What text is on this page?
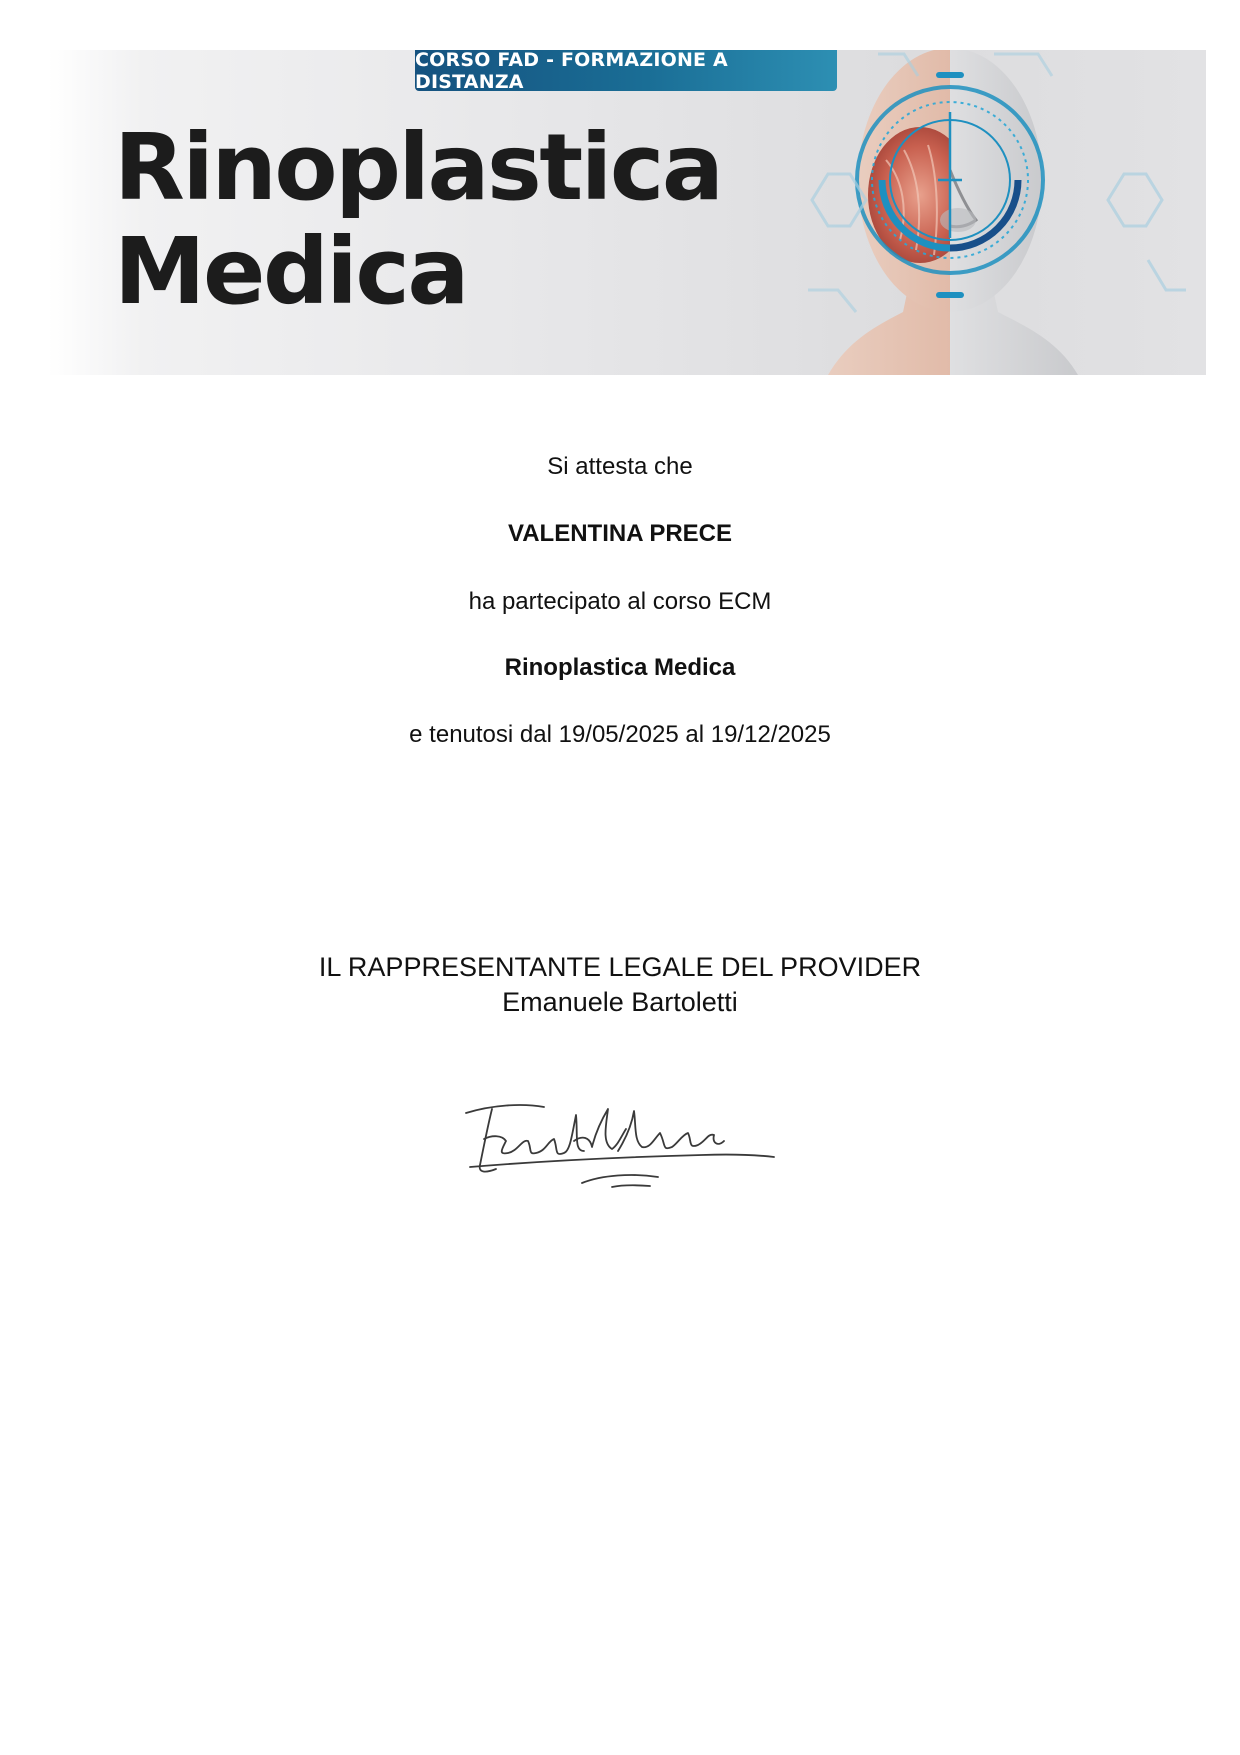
CORSO FAD - FORMAZIONE A DISTANZA
Rinoplastica
Medica
Si attesta che
VALENTINA PRECE
ha partecipato al corso ECM
Rinoplastica Medica
e tenutosi dal 19/05/2025 al 19/12/2025
IL RAPPRESENTANTE LEGALE DEL PROVIDER
Emanuele Bartoletti
